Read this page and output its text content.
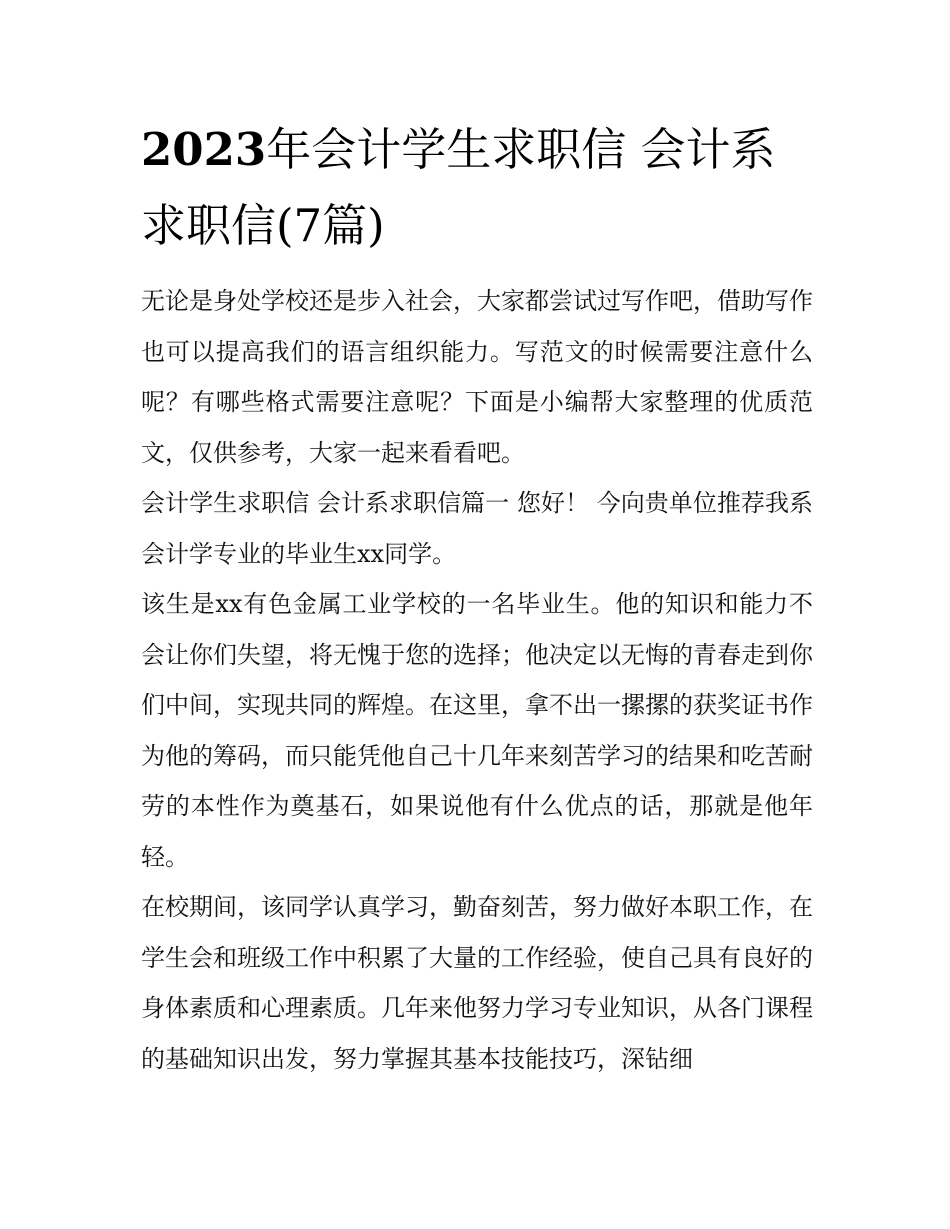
2023年会计学生求职信 会计系求职信(7篇)

无论是身处学校还是步入社会，大家都尝试过写作吧，借助写作也可以提高我们的语言组织能力。写范文的时候需要注意什么呢？有哪些格式需要注意呢？下面是小编帮大家整理的优质范文，仅供参考，大家一起来看看吧。

会计学生求职信 会计系求职信篇一 您好！ 今向贵单位推荐我系会计学专业的毕业生xx同学。

该生是xx有色金属工业学校的一名毕业生。他的知识和能力不会让你们失望，将无愧于您的选择；他决定以无悔的青春走到你们中间，实现共同的辉煌。在这里，拿不出一摞摞的获奖证书作为他的筹码，而只能凭他自己十几年来刻苦学习的结果和吃苦耐劳的本性作为奠基石，如果说他有什么优点的话，那就是他年轻。

在校期间，该同学认真学习，勤奋刻苦，努力做好本职工作，在学生会和班级工作中积累了大量的工作经验，使自己具有良好的身体素质和心理素质。几年来他努力学习专业知识，从各门课程的基础知识出发，努力掌握其基本技能技巧，深钻细
